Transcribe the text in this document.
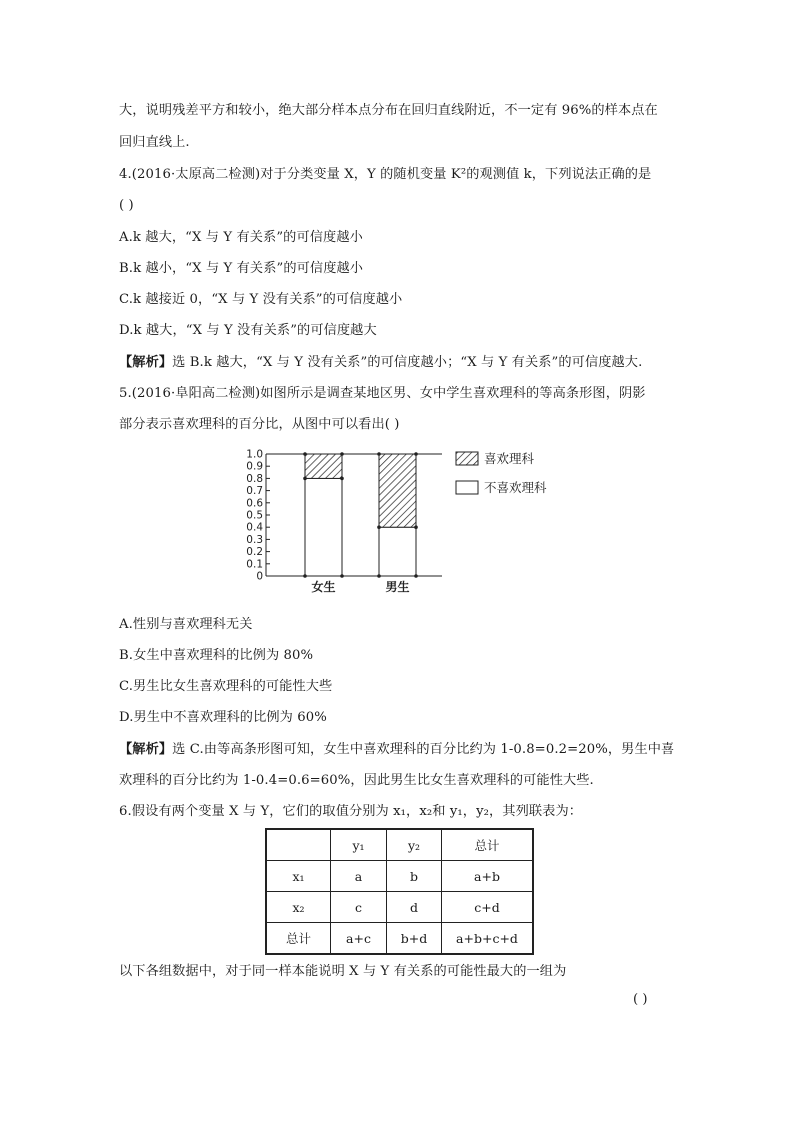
大，说明残差平方和较小，绝大部分样本点分布在回归直线附近，不一定有 96%的样本点在
回归直线上.
4.(2016·太原高二检测)对于分类变量 X，Y 的随机变量 K²的观测值 k，下列说法正确的是
( )
A.k 越大，“X 与 Y 有关系”的可信度越小
B.k 越小，“X 与 Y 有关系”的可信度越小
C.k 越接近 0，“X 与 Y 没有关系”的可信度越小
D.k 越大，“X 与 Y 没有关系”的可信度越大
【解析】选 B.k 越大，“X 与 Y 没有关系”的可信度越小；“X 与 Y 有关系”的可信度越大.
5.(2016·阜阳高二检测)如图所示是调查某地区男、女中学生喜欢理科的等高条形图，阴影
部分表示喜欢理科的百分比，从图中可以看出( )
0
0.1
0.2
0.3
0.4
0.5
0.6
0.7
0.8
0.9
1.0
女生	男生
喜欢理科
不喜欢理科
A.性别与喜欢理科无关
B.女生中喜欢理科的比例为 80%
C.男生比女生喜欢理科的可能性大些
D.男生中不喜欢理科的比例为 60%
【解析】选 C.由等高条形图可知，女生中喜欢理科的百分比约为 1-0.8=0.2=20%，男生中喜
欢理科的百分比约为 1-0.4=0.6=60%，因此男生比女生喜欢理科的可能性大些.
6.假设有两个变量 X 与 Y，它们的取值分别为 x₁，x₂和 y₁，y₂，其列联表为：
	y₁	y₂	总计
x₁	a	b	a+b
x₂	c	d	c+d
总计	a+c	b+d	a+b+c+d
以下各组数据中，对于同一样本能说明 X 与 Y 有关系的可能性最大的一组为
( )
